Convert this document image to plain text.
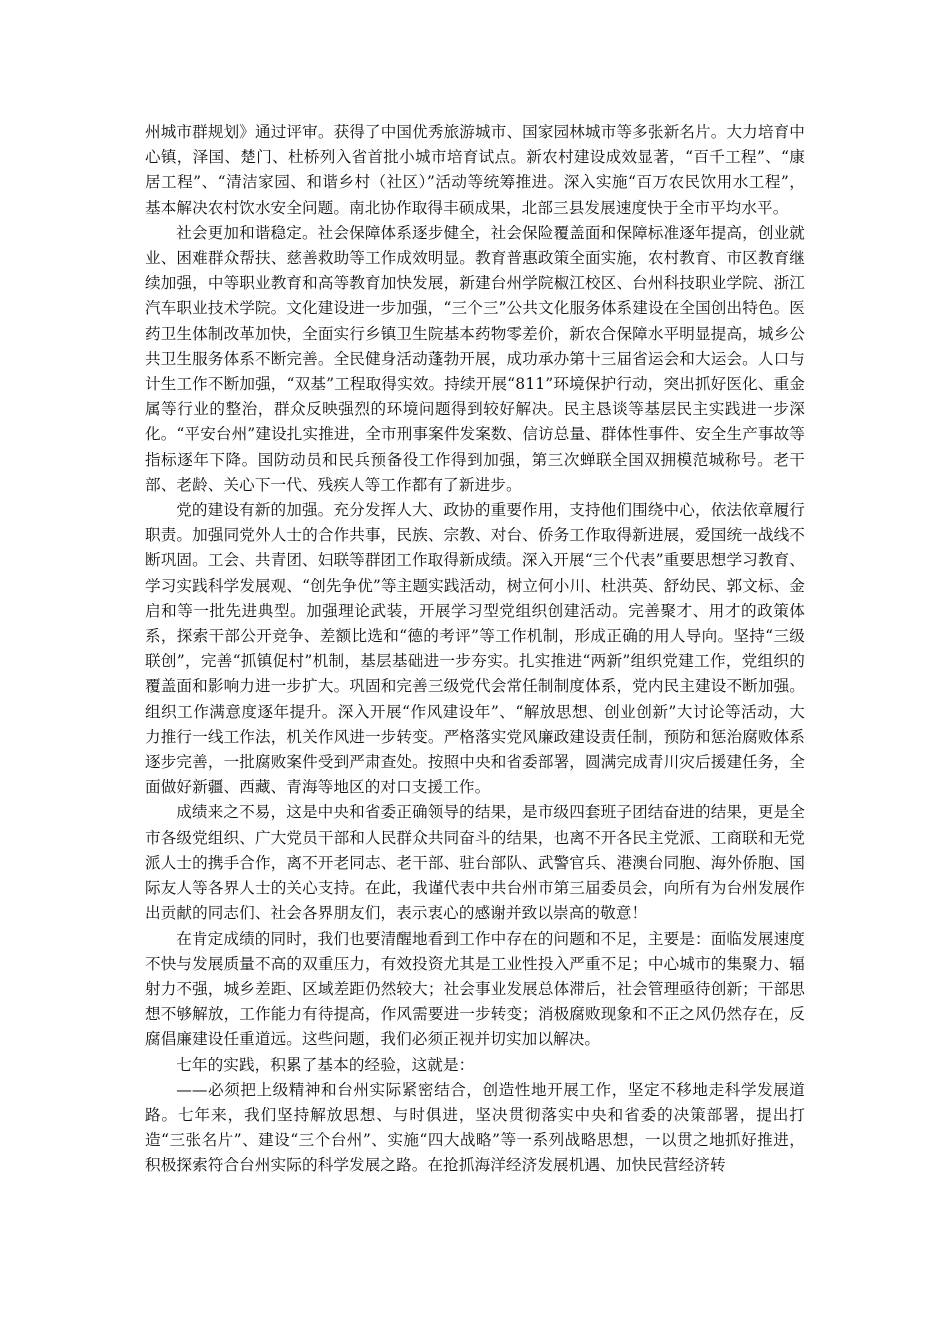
州城市群规划》通过评审。获得了中国优秀旅游城市、国家园林城市等多张新名片。大力培育中心镇，泽国、楚门、杜桥列入省首批小城市培育试点。新农村建设成效显著，“百千工程”、“康居工程”、“清洁家园、和谐乡村（社区）”活动等统筹推进。深入实施“百万农民饮用水工程”，基本解决农村饮水安全问题。南北协作取得丰硕成果，北部三县发展速度快于全市平均水平。

社会更加和谐稳定。社会保障体系逐步健全，社会保险覆盖面和保障标准逐年提高，创业就业、困难群众帮扶、慈善救助等工作成效明显。教育普惠政策全面实施，农村教育、市区教育继续加强，中等职业教育和高等教育加快发展，新建台州学院椒江校区、台州科技职业学院、浙江汽车职业技术学院。文化建设进一步加强，“三个三”公共文化服务体系建设在全国创出特色。医药卫生体制改革加快，全面实行乡镇卫生院基本药物零差价，新农合保障水平明显提高，城乡公共卫生服务体系不断完善。全民健身活动蓬勃开展，成功承办第十三届省运会和大运会。人口与计生工作不断加强，“双基”工程取得实效。持续开展“811”环境保护行动，突出抓好医化、重金属等行业的整治，群众反映强烈的环境问题得到较好解决。民主恳谈等基层民主实践进一步深化。“平安台州”建设扎实推进，全市刑事案件发案数、信访总量、群体性事件、安全生产事故等指标逐年下降。国防动员和民兵预备役工作得到加强，第三次蝉联全国双拥模范城称号。老干部、老龄、关心下一代、残疾人等工作都有了新进步。

党的建设有新的加强。充分发挥人大、政协的重要作用，支持他们围绕中心，依法依章履行职责。加强同党外人士的合作共事，民族、宗教、对台、侨务工作取得新进展，爱国统一战线不断巩固。工会、共青团、妇联等群团工作取得新成绩。深入开展“三个代表”重要思想学习教育、学习实践科学发展观、“创先争优”等主题实践活动，树立何小川、杜洪英、舒幼民、郭文标、金启和等一批先进典型。加强理论武装，开展学习型党组织创建活动。完善聚才、用才的政策体系，探索干部公开竞争、差额比选和“德的考评”等工作机制，形成正确的用人导向。坚持“三级联创”，完善“抓镇促村”机制，基层基础进一步夯实。扎实推进“两新”组织党建工作，党组织的覆盖面和影响力进一步扩大。巩固和完善三级党代会常任制制度体系，党内民主建设不断加强。组织工作满意度逐年提升。深入开展“作风建设年”、“解放思想、创业创新”大讨论等活动，大力推行一线工作法，机关作风进一步转变。严格落实党风廉政建设责任制，预防和惩治腐败体系逐步完善，一批腐败案件受到严肃查处。按照中央和省委部署，圆满完成青川灾后援建任务，全面做好新疆、西藏、青海等地区的对口支援工作。

成绩来之不易，这是中央和省委正确领导的结果，是市级四套班子团结奋进的结果，更是全市各级党组织、广大党员干部和人民群众共同奋斗的结果，也离不开各民主党派、工商联和无党派人士的携手合作，离不开老同志、老干部、驻台部队、武警官兵、港澳台同胞、海外侨胞、国际友人等各界人士的关心支持。在此，我谨代表中共台州市第三届委员会，向所有为台州发展作出贡献的同志们、社会各界朋友们，表示衷心的感谢并致以崇高的敬意！

在肯定成绩的同时，我们也要清醒地看到工作中存在的问题和不足，主要是：面临发展速度不快与发展质量不高的双重压力，有效投资尤其是工业性投入严重不足；中心城市的集聚力、辐射力不强，城乡差距、区域差距仍然较大；社会事业发展总体滞后，社会管理亟待创新；干部思想不够解放，工作能力有待提高，作风需要进一步转变；消极腐败现象和不正之风仍然存在，反腐倡廉建设任重道远。这些问题，我们必须正视并切实加以解决。

七年的实践，积累了基本的经验，这就是：

——必须把上级精神和台州实际紧密结合，创造性地开展工作，坚定不移地走科学发展道路。七年来，我们坚持解放思想、与时俱进，坚决贯彻落实中央和省委的决策部署，提出打造“三张名片”、建设“三个台州”、实施“四大战略”等一系列战略思想，一以贯之地抓好推进，积极探索符合台州实际的科学发展之路。在抢抓海洋经济发展机遇、加快民营经济转
